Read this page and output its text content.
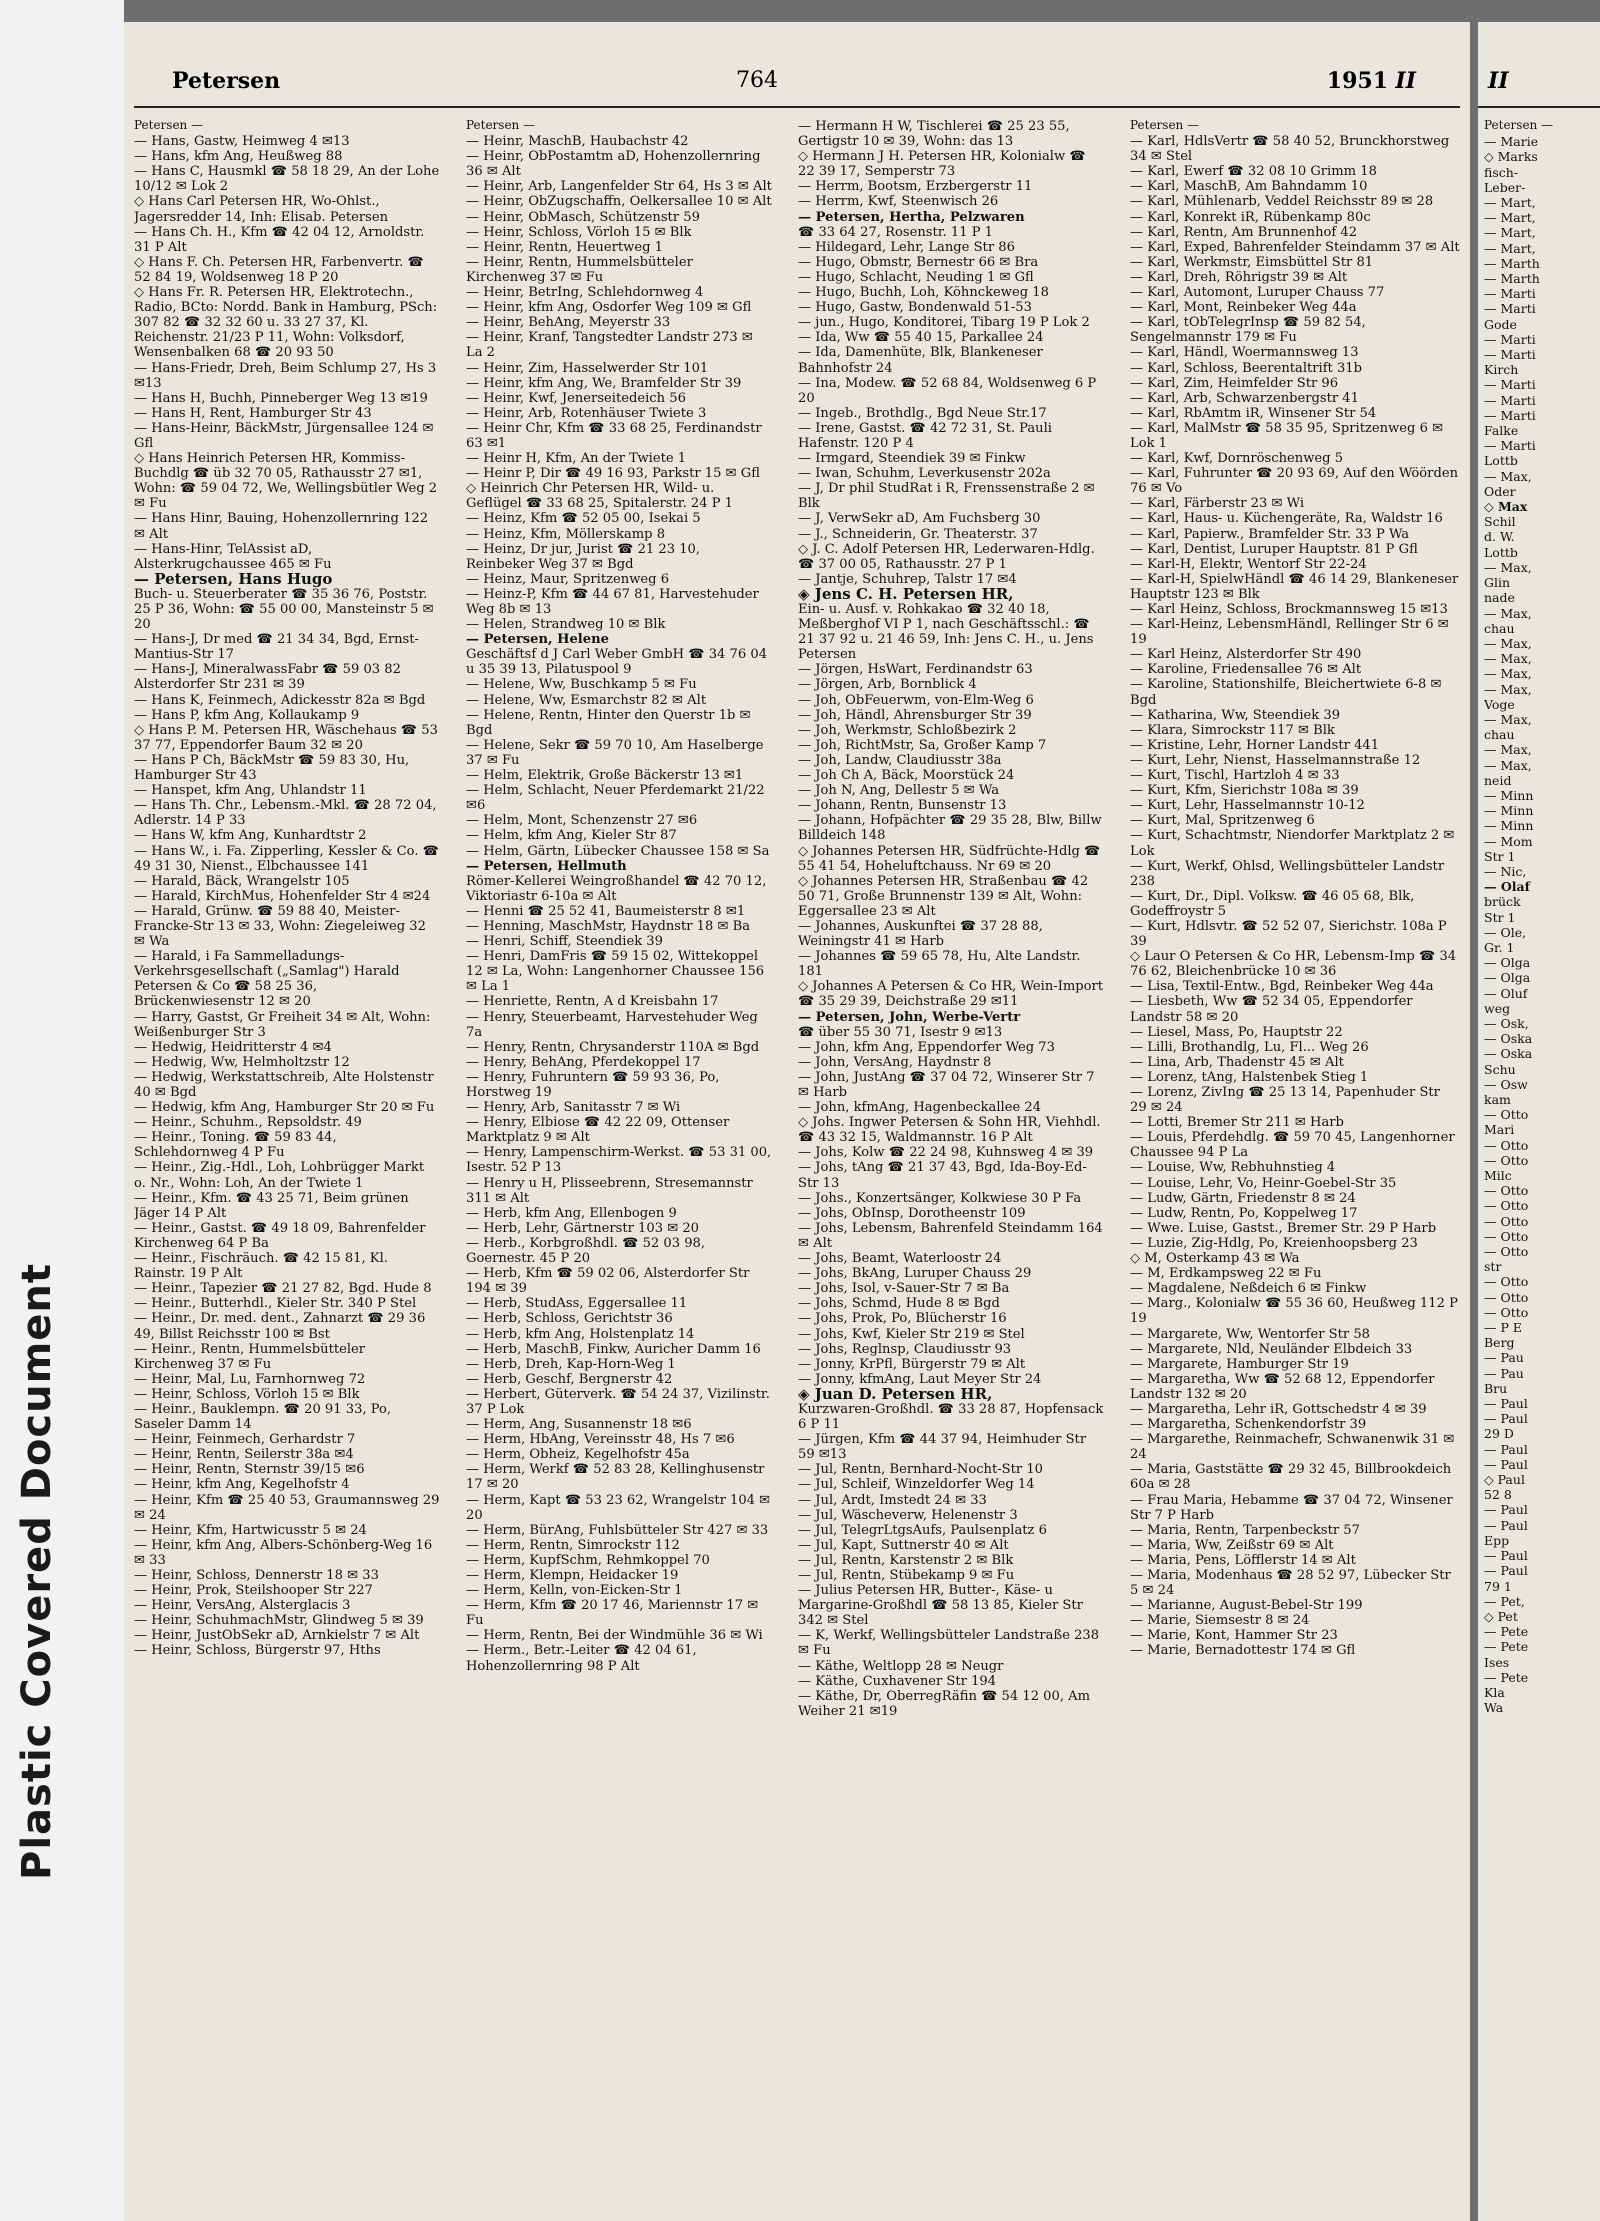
Plastic Covered Document
Petersen	764	1951 II
Petersen —

— Hans, Gastw, Heimweg 4 ✉13

— Hans, kfm Ang, Heußweg 88

— Hans C, Hausmkl ☎ 58 18 29, An der Lohe 10/12 ✉ Lok 2

◇ Hans Carl Petersen HR, Wo-Ohlst., Jagersredder 14, Inh: Elisab. Petersen

— Hans Ch. H., Kfm ☎ 42 04 12, Arnoldstr. 31 P Alt

◇ Hans F. Ch. Petersen HR, Farbenvertr. ☎ 52 84 19, Woldsenweg 18 P 20

◇ Hans Fr. R. Petersen HR, Elektrotechn., Radio, BCto: Nordd. Bank in Hamburg, PSch: 307 82 ☎ 32 32 60 u. 33 27 37, Kl. Reichenstr. 21/23 P 11, Wohn: Volksdorf, Wensenbalken 68 ☎ 20 93 50

— Hans-Friedr, Dreh, Beim Schlump 27, Hs 3 ✉13

— Hans H, Buchh, Pinneberger Weg 13 ✉19

— Hans H, Rent, Hamburger Str 43

— Hans-Heinr, BäckMstr, Jürgensallee 124 ✉ Gfl

◇ Hans Heinrich Petersen HR, Kommiss-Buchdlg ☎ üb 32 70 05, Rathausstr 27 ✉1, Wohn: ☎ 59 04 72, We, Wellingsbütler Weg 2 ✉ Fu

— Hans Hinr, Bauing, Hohenzollernring 122 ✉ Alt

— Hans-Hinr, TelAssist aD, Alsterkrugchaussee 465 ✉ Fu

— Petersen, Hans Hugo

Buch- u. Steuerberater ☎ 35 36 76, Poststr. 25 P 36, Wohn: ☎ 55 00 00, Mansteinstr 5 ✉ 20

— Hans-J, Dr med ☎ 21 34 34, Bgd, Ernst-Mantius-Str 17

— Hans-J, MineralwassFabr ☎ 59 03 82 Alsterdorfer Str 231 ✉ 39

— Hans K, Feinmech, Adickesstr 82a ✉ Bgd

— Hans P, kfm Ang, Kollaukamp 9

◇ Hans P. M. Petersen HR, Wäschehaus ☎ 53 37 77, Eppendorfer Baum 32 ✉ 20

— Hans P Ch, BäckMstr ☎ 59 83 30, Hu, Hamburger Str 43

— Hanspet, kfm Ang, Uhlandstr 11

— Hans Th. Chr., Lebensm.-Mkl. ☎ 28 72 04, Adlerstr. 14 P 33

— Hans W, kfm Ang, Kunhardtstr 2

— Hans W., i. Fa. Zipperling, Kessler & Co. ☎ 49 31 30, Nienst., Elbchaussee 141

— Harald, Bäck, Wrangelstr 105

— Harald, KirchMus, Hohenfelder Str 4 ✉24

— Harald, Grünw. ☎ 59 88 40, Meister-Francke-Str 13 ✉ 33, Wohn: Ziegeleiweg 32 ✉ Wa

— Harald, i Fa Sammelladungs-Verkehrsgesellschaft („Samlag") Harald Petersen & Co ☎ 58 25 36, Brückenwiesenstr 12 ✉ 20

— Harry, Gastst, Gr Freiheit 34 ✉ Alt, Wohn: Weißenburger Str 3

— Hedwig, Heidritterstr 4 ✉4

— Hedwig, Ww, Helmholtzstr 12

— Hedwig, Werkstattschreib, Alte Holstenstr 40 ✉ Bgd

— Hedwig, kfm Ang, Hamburger Str 20 ✉ Fu

— Heinr., Schuhm., Repsoldstr. 49

— Heinr., Toning. ☎ 59 83 44, Schlehdornweg 4 P Fu

— Heinr., Zig.-Hdl., Loh, Lohbrügger Markt o. Nr., Wohn: Loh, An der Twiete 1

— Heinr., Kfm. ☎ 43 25 71, Beim grünen Jäger 14 P Alt

— Heinr., Gastst. ☎ 49 18 09, Bahrenfelder Kirchenweg 64 P Ba

— Heinr., Fischräuch. ☎ 42 15 81, Kl. Rainstr. 19 P Alt

— Heinr., Tapezier ☎ 21 27 82, Bgd. Hude 8

— Heinr., Butterhdl., Kieler Str. 340 P Stel

— Heinr., Dr. med. dent., Zahnarzt ☎ 29 36 49, Billst Reichsstr 100 ✉ Bst

— Heinr., Rentn, Hummelsbütteler Kirchenweg 37 ✉ Fu

— Heinr, Mal, Lu, Farnhornweg 72

— Heinr, Schloss, Vörloh 15 ✉ Blk

— Heinr., Bauklempn. ☎ 20 91 33, Po, Saseler Damm 14

— Heinr, Feinmech, Gerhardstr 7

— Heinr, Rentn, Seilerstr 38a ✉4

— Heinr, Rentn, Sternstr 39/15 ✉6

— Heinr, kfm Ang, Kegelhofstr 4

— Heinr, Kfm ☎ 25 40 53, Graumannsweg 29 ✉ 24

— Heinr, Kfm, Hartwicusstr 5 ✉ 24

— Heinr, kfm Ang, Albers-Schönberg-Weg 16 ✉ 33

— Heinr, Schloss, Dennerstr 18 ✉ 33

— Heinr, Prok, Steilshooper Str 227

— Heinr, VersAng, Alsterglacis 3

— Heinr, SchuhmachMstr, Glindweg 5 ✉ 39

— Heinr, JustObSekr aD, Arnkielstr 7 ✉ Alt

— Heinr, Schloss, Bürgerstr 97, Hths

Petersen —

— Heinr, MaschB, Haubachstr 42

— Heinr, ObPostamtm aD, Hohenzollernring 36 ✉ Alt

— Heinr, Arb, Langenfelder Str 64, Hs 3 ✉ Alt

— Heinr, ObZugschaffn, Oelkersallee 10 ✉ Alt

— Heinr, ObMasch, Schützenstr 59

— Heinr, Schloss, Vörloh 15 ✉ Blk

— Heinr, Rentn, Heuertweg 1

— Heinr, Rentn, Hummelsbütteler Kirchenweg 37 ✉ Fu

— Heinr, BetrIng, Schlehdornweg 4

— Heinr, kfm Ang, Osdorfer Weg 109 ✉ Gfl

— Heinr, BehAng, Meyerstr 33

— Heinr, Kranf, Tangstedter Landstr 273 ✉ La 2

— Heinr, Zim, Hasselwerder Str 101

— Heinr, kfm Ang, We, Bramfelder Str 39

— Heinr, Kwf, Jenerseitedeich 56

— Heinr, Arb, Rotenhäuser Twiete 3

— Heinr Chr, Kfm ☎ 33 68 25, Ferdinandstr 63 ✉1

— Heinr H, Kfm, An der Twiete 1

— Heinr P, Dir ☎ 49 16 93, Parkstr 15 ✉ Gfl

◇ Heinrich Chr Petersen HR, Wild- u. Geflügel ☎ 33 68 25, Spitalerstr. 24 P 1

— Heinz, Kfm ☎ 52 05 00, Isekai 5

— Heinz, Kfm, Möllerskamp 8

— Heinz, Dr jur, Jurist ☎ 21 23 10, Reinbeker Weg 37 ✉ Bgd

— Heinz, Maur, Spritzenweg 6

— Heinz-P, Kfm ☎ 44 67 81, Harvestehuder Weg 8b ✉ 13

— Helen, Strandweg 10 ✉ Blk

— Petersen, Helene

Geschäftsf d J Carl Weber GmbH ☎ 34 76 04 u 35 39 13, Pilatuspool 9

— Helene, Ww, Buschkamp 5 ✉ Fu

— Helene, Ww, Esmarchstr 82 ✉ Alt

— Helene, Rentn, Hinter den Querstr 1b ✉ Bgd

— Helene, Sekr ☎ 59 70 10, Am Haselberge 37 ✉ Fu

— Helm, Elektrik, Große Bäckerstr 13 ✉1

— Helm, Schlacht, Neuer Pferdemarkt 21/22 ✉6

— Helm, Mont, Schenzenstr 27 ✉6

— Helm, kfm Ang, Kieler Str 87

— Helm, Gärtn, Lübecker Chaussee 158 ✉ Sa

— Petersen, Hellmuth

Römer-Kellerei Weingroßhandel ☎ 42 70 12, Viktoriastr 6-10a ✉ Alt

— Henni ☎ 25 52 41, Baumeisterstr 8 ✉1

— Henning, MaschMstr, Haydnstr 18 ✉ Ba

— Henri, Schiff, Steendiek 39

— Henri, DamFris ☎ 59 15 02, Wittekoppel 12 ✉ La, Wohn: Langenhorner Chaussee 156 ✉ La 1

— Henriette, Rentn, A d Kreisbahn 17

— Henry, Steuerbeamt, Harvestehuder Weg 7a

— Henry, Rentn, Chrysanderstr 110A ✉ Bgd

— Henry, BehAng, Pferdekoppel 17

— Henry, Fuhruntern ☎ 59 93 36, Po, Horstweg 19

— Henry, Arb, Sanitasstr 7 ✉ Wi

— Henry, Elbiose ☎ 42 22 09, Ottenser Marktplatz 9 ✉ Alt

— Henry, Lampenschirm-Werkst. ☎ 53 31 00, Isestr. 52 P 13

— Henry u H, Plisseebrenn, Stresemannstr 311 ✉ Alt

— Herb, kfm Ang, Ellenbogen 9

— Herb, Lehr, Gärtnerstr 103 ✉ 20

— Herb., Korbgroßhdl. ☎ 52 03 98, Goernestr. 45 P 20

— Herb, Kfm ☎ 59 02 06, Alsterdorfer Str 194 ✉ 39

— Herb, StudAss, Eggersallee 11

— Herb, Schloss, Gerichtstr 36

— Herb, kfm Ang, Holstenplatz 14

— Herb, MaschB, Finkw, Auricher Damm 16

— Herb, Dreh, Kap-Horn-Weg 1

— Herb, Geschf, Bergnerstr 42

— Herbert, Güterverk. ☎ 54 24 37, Vizilinstr. 37 P Lok

— Herm, Ang, Susannenstr 18 ✉6

— Herm, HbAng, Vereinsstr 48, Hs 7 ✉6

— Herm, Obheiz, Kegelhofstr 45a

— Herm, Werkf ☎ 52 83 28, Kellinghusenstr 17 ✉ 20

— Herm, Kapt ☎ 53 23 62, Wrangelstr 104 ✉ 20

— Herm, BürAng, Fuhlsbütteler Str 427 ✉ 33

— Herm, Rentn, Simrockstr 112

— Herm, KupfSchm, Rehmkoppel 70

— Herm, Klempn, Heidacker 19

— Herm, Kelln, von-Eicken-Str 1

— Herm, Kfm ☎ 20 17 46, Mariennstr 17 ✉ Fu

— Herm, Rentn, Bei der Windmühle 36 ✉ Wi

— Herm., Betr.-Leiter ☎ 42 04 61, Hohenzollernring 98 P Alt

— Hermann H W, Tischlerei ☎ 25 23 55, Gertigstr 10 ✉ 39, Wohn: das 13

◇ Hermann J H. Petersen HR, Kolonialw ☎ 22 39 17, Semperstr 73

— Herrm, Bootsm, Erzbergerstr 11

— Herrm, Kwf, Steenwisch 26

— Petersen, Hertha, Pelzwaren

☎ 33 64 27, Rosenstr. 11 P 1

— Hildegard, Lehr, Lange Str 86

— Hugo, Obmstr, Bernestr 66 ✉ Bra

— Hugo, Schlacht, Neuding 1 ✉ Gfl

— Hugo, Buchh, Loh, Köhnckeweg 18

— Hugo, Gastw, Bondenwald 51-53

— jun., Hugo, Konditorei, Tibarg 19 P Lok 2

— Ida, Ww ☎ 55 40 15, Parkallee 24

— Ida, Damenhüte, Blk, Blankeneser Bahnhofstr 24

— Ina, Modew. ☎ 52 68 84, Woldsenweg 6 P 20

— Ingeb., Brothdlg., Bgd Neue Str.17

— Irene, Gastst. ☎ 42 72 31, St. Pauli Hafenstr. 120 P 4

— Irmgard, Steendiek 39 ✉ Finkw

— Iwan, Schuhm, Leverkusenstr 202a

— J, Dr phil StudRat i R, Frenssenstraße 2 ✉ Blk

— J, VerwSekr aD, Am Fuchsberg 30

— J., Schneiderin, Gr. Theaterstr. 37

◇ J. C. Adolf Petersen HR, Lederwaren-Hdlg. ☎ 37 00 05, Rathausstr. 27 P 1

— Jantje, Schuhrep, Talstr 17 ✉4

◈ Jens C. H. Petersen HR,

Ein- u. Ausf. v. Rohkakao ☎ 32 40 18, Meßberghof VI P 1, nach Geschäftsschl.: ☎ 21 37 92 u. 21 46 59, Inh: Jens C. H., u. Jens Petersen

— Jörgen, HsWart, Ferdinandstr 63

— Jörgen, Arb, Bornblick 4

— Joh, ObFeuerwm, von-Elm-Weg 6

— Joh, Händl, Ahrensburger Str 39

— Joh, Werkmstr, Schloßbezirk 2

— Joh, RichtMstr, Sa, Großer Kamp 7

— Joh, Landw, Claudiusstr 38a

— Joh Ch A, Bäck, Moorstück 24

— Joh N, Ang, Dellestr 5 ✉ Wa

— Johann, Rentn, Bunsenstr 13

— Johann, Hofpächter ☎ 29 35 28, Blw, Billw Billdeich 148

◇ Johannes Petersen HR, Südfrüchte-Hdlg ☎ 55 41 54, Hoheluftchauss. Nr 69 ✉ 20

◇ Johannes Petersen HR, Straßenbau ☎ 42 50 71, Große Brunnenstr 139 ✉ Alt, Wohn: Eggersallee 23 ✉ Alt

— Johannes, Auskunftei ☎ 37 28 88, Weiningstr 41 ✉ Harb

— Johannes ☎ 59 65 78, Hu, Alte Landstr. 181

◇ Johannes A Petersen & Co HR, Wein-Import ☎ 35 29 39, Deichstraße 29 ✉11

— Petersen, John, Werbe-Vertr

☎ über 55 30 71, Isestr 9 ✉13

— John, kfm Ang, Eppendorfer Weg 73

— John, VersAng, Haydnstr 8

— John, JustAng ☎ 37 04 72, Winserer Str 7 ✉ Harb

— John, kfmAng, Hagenbeckallee 24

◇ Johs. Ingwer Petersen & Sohn HR, Viehhdl. ☎ 43 32 15, Waldmannstr. 16 P Alt

— Johs, Kolw ☎ 22 24 98, Kuhnsweg 4 ✉ 39

— Johs, tAng ☎ 21 37 43, Bgd, Ida-Boy-Ed-Str 13

— Johs., Konzertsänger, Kolkwiese 30 P Fa

— Johs, ObInsp, Dorotheenstr 109

— Johs, Lebensm, Bahrenfeld Steindamm 164 ✉ Alt

— Johs, Beamt, Waterloostr 24

— Johs, BkAng, Luruper Chauss 29

— Johs, Isol, v-Sauer-Str 7 ✉ Ba

— Johs, Schmd, Hude 8 ✉ Bgd

— Johs, Prok, Po, Blücherstr 16

— Johs, Kwf, Kieler Str 219 ✉ Stel

— Johs, Reglnsp, Claudiusstr 93

— Jonny, KrPfl, Bürgerstr 79 ✉ Alt

— Jonny, kfmAng, Laut Meyer Str 24

◈ Juan D. Petersen HR,

Kurzwaren-Großhdl. ☎ 33 28 87, Hopfensack 6 P 11

— Jürgen, Kfm ☎ 44 37 94, Heimhuder Str 59 ✉13

— Jul, Rentn, Bernhard-Nocht-Str 10

— Jul, Schleif, Winzeldorfer Weg 14

— Jul, Ardt, Imstedt 24 ✉ 33

— Jul, Wäscheverw, Helenenstr 3

— Jul, TelegrLtgsAufs, Paulsenplatz 6

— Jul, Kapt, Suttnerstr 40 ✉ Alt

— Jul, Rentn, Karstenstr 2 ✉ Blk

— Jul, Rentn, Stübekamp 9 ✉ Fu

— Julius Petersen HR, Butter-, Käse- u Margarine-Großhdl ☎ 58 13 85, Kieler Str 342 ✉ Stel

— K, Werkf, Wellingsbütteler Landstraße 238 ✉ Fu

— Käthe, Weltlopp 28 ✉ Neugr

— Käthe, Cuxhavener Str 194

— Käthe, Dr, OberregRäfin ☎ 54 12 00, Am Weiher 21 ✉19

Petersen —

— Karl, HdlsVertr ☎ 58 40 52, Brunckhorstweg 34 ✉ Stel

— Karl, Ewerf ☎ 32 08 10 Grimm 18

— Karl, MaschB, Am Bahndamm 10

— Karl, Mühlenarb, Veddel Reichsstr 89 ✉ 28

— Karl, Konrekt iR, Rübenkamp 80c

— Karl, Rentn, Am Brunnenhof 42

— Karl, Exped, Bahrenfelder Steindamm 37 ✉ Alt

— Karl, Werkmstr, Eimsbüttel Str 81

— Karl, Dreh, Röhrigstr 39 ✉ Alt

— Karl, Automont, Luruper Chauss 77

— Karl, Mont, Reinbeker Weg 44a

— Karl, tObTelegrInsp ☎ 59 82 54, Sengelmannstr 179 ✉ Fu

— Karl, Händl, Woermannsweg 13

— Karl, Schloss, Beerentaltrift 31b

— Karl, Zim, Heimfelder Str 96

— Karl, Arb, Schwarzenbergstr 41

— Karl, RbAmtm iR, Winsener Str 54

— Karl, MalMstr ☎ 58 35 95, Spritzenweg 6 ✉ Lok 1

— Karl, Kwf, Dornröschenweg 5

— Karl, Fuhrunter ☎ 20 93 69, Auf den Wöörden 76 ✉ Vo

— Karl, Färberstr 23 ✉ Wi

— Karl, Haus- u. Küchengeräte, Ra, Waldstr 16

— Karl, Papierw., Bramfelder Str. 33 P Wa

— Karl, Dentist, Luruper Hauptstr. 81 P Gfl

— Karl-H, Elektr, Wentorf Str 22-24

— Karl-H, SpielwHändl ☎ 46 14 29, Blankeneser Hauptstr 123 ✉ Blk

— Karl Heinz, Schloss, Brockmannsweg 15 ✉13

— Karl-Heinz, LebensmHändl, Rellinger Str 6 ✉19

— Karl Heinz, Alsterdorfer Str 490

— Karoline, Friedensallee 76 ✉ Alt

— Karoline, Stationshilfe, Bleichertwiete 6-8 ✉ Bgd

— Katharina, Ww, Steendiek 39

— Klara, Simrockstr 117 ✉ Blk

— Kristine, Lehr, Horner Landstr 441

— Kurt, Lehr, Nienst, Hasselmannstraße 12

— Kurt, Tischl, Hartzloh 4 ✉ 33

— Kurt, Kfm, Sierichstr 108a ✉ 39

— Kurt, Lehr, Hasselmannstr 10-12

— Kurt, Mal, Spritzenweg 6

— Kurt, Schachtmstr, Niendorfer Marktplatz 2 ✉ Lok

— Kurt, Werkf, Ohlsd, Wellingsbütteler Landstr 238

— Kurt, Dr., Dipl. Volksw. ☎ 46 05 68, Blk, Godeffroystr 5

— Kurt, Hdlsvtr. ☎ 52 52 07, Sierichstr. 108a P 39

◇ Laur O Petersen & Co HR, Lebensm-Imp ☎ 34 76 62, Bleichenbrücke 10 ✉ 36

— Lisa, Textil-Entw., Bgd, Reinbeker Weg 44a

— Liesbeth, Ww ☎ 52 34 05, Eppendorfer Landstr 58 ✉ 20

— Liesel, Mass, Po, Hauptstr 22

— Lilli, Brothandlg, Lu, Fl... Weg 26

— Lina, Arb, Thadenstr 45 ✉ Alt

— Lorenz, tAng, Halstenbek Stieg 1

— Lorenz, ZivIng ☎ 25 13 14, Papenhuder Str 29 ✉ 24

— Lotti, Bremer Str 211 ✉ Harb

— Louis, Pferdehdlg. ☎ 59 70 45, Langenhorner Chaussee 94 P La

— Louise, Ww, Rebhuhnstieg 4

— Louise, Lehr, Vo, Heinr-Goebel-Str 35

— Ludw, Gärtn, Friedenstr 8 ✉ 24

— Ludw, Rentn, Po, Koppelweg 17

— Wwe. Luise, Gastst., Bremer Str. 29 P Harb

— Luzie, Zig-Hdlg, Po, Kreienhoopsberg 23

◇ M, Osterkamp 43 ✉ Wa

— M, Erdkampsweg 22 ✉ Fu

— Magdalene, Neßdeich 6 ✉ Finkw

— Marg., Kolonialw ☎ 55 36 60, Heußweg 112 P 19

— Margarete, Ww, Wentorfer Str 58

— Margarete, Nld, Neuländer Elbdeich 33

— Margarete, Hamburger Str 19

— Margaretha, Ww ☎ 52 68 12, Eppendorfer Landstr 132 ✉ 20

— Margaretha, Lehr iR, Gottschedstr 4 ✉ 39

— Margaretha, Schenkendorfstr 39

— Margarethe, Reinmachefr, Schwanenwik 31 ✉ 24

— Maria, Gaststätte ☎ 29 32 45, Billbrookdeich 60a ✉ 28

— Frau Maria, Hebamme ☎ 37 04 72, Winsener Str 7 P Harb

— Maria, Rentn, Tarpenbeckstr 57

— Maria, Ww, Zeißstr 69 ✉ Alt

— Maria, Pens, Löfflerstr 14 ✉ Alt

— Maria, Modenhaus ☎ 28 52 97, Lübecker Str 5 ✉ 24

— Marianne, August-Bebel-Str 199

— Marie, Siemsestr 8 ✉ 24

— Marie, Kont, Hammer Str 23

— Marie, Bernadottestr 174 ✉ Gfl

II
Petersen —

— Marie

◇ Marks

fisch-

Leber-

— Mart,

— Mart,

— Mart,

— Mart,

— Marth

— Marth

— Marti

— Marti

Gode

— Marti

— Marti

Kirch

— Marti

— Marti

— Marti

Falke

— Marti

Lottb

— Max,

Oder

◇ Max

Schil

d. W.

Lottb

— Max,

Glin

nade

— Max,

chau

— Max,

— Max,

— Max,

— Max,

Voge

— Max,

chau

— Max,

— Max,

neid

— Minn

— Minn

— Minn

— Mom

Str 1

— Nic,

— Olaf

brück

Str 1

— Ole,

Gr. 1

— Olga

— Olga

— Oluf

weg

— Osk,

— Oska

— Oska

Schu

— Osw

kam

— Otto

Mari

— Otto

— Otto

Milc

— Otto

— Otto

— Otto

— Otto

— Otto

str

— Otto

— Otto

— Otto

— P E

Berg

— Pau

— Pau

Bru

— Paul

— Paul

29 D

— Paul

— Paul

◇ Paul

52 8

— Paul

— Paul

Epp

— Paul

— Paul

79 1

— Pet,

◇ Pet

— Pete

— Pete

Ises

— Pete

Kla

Wa
